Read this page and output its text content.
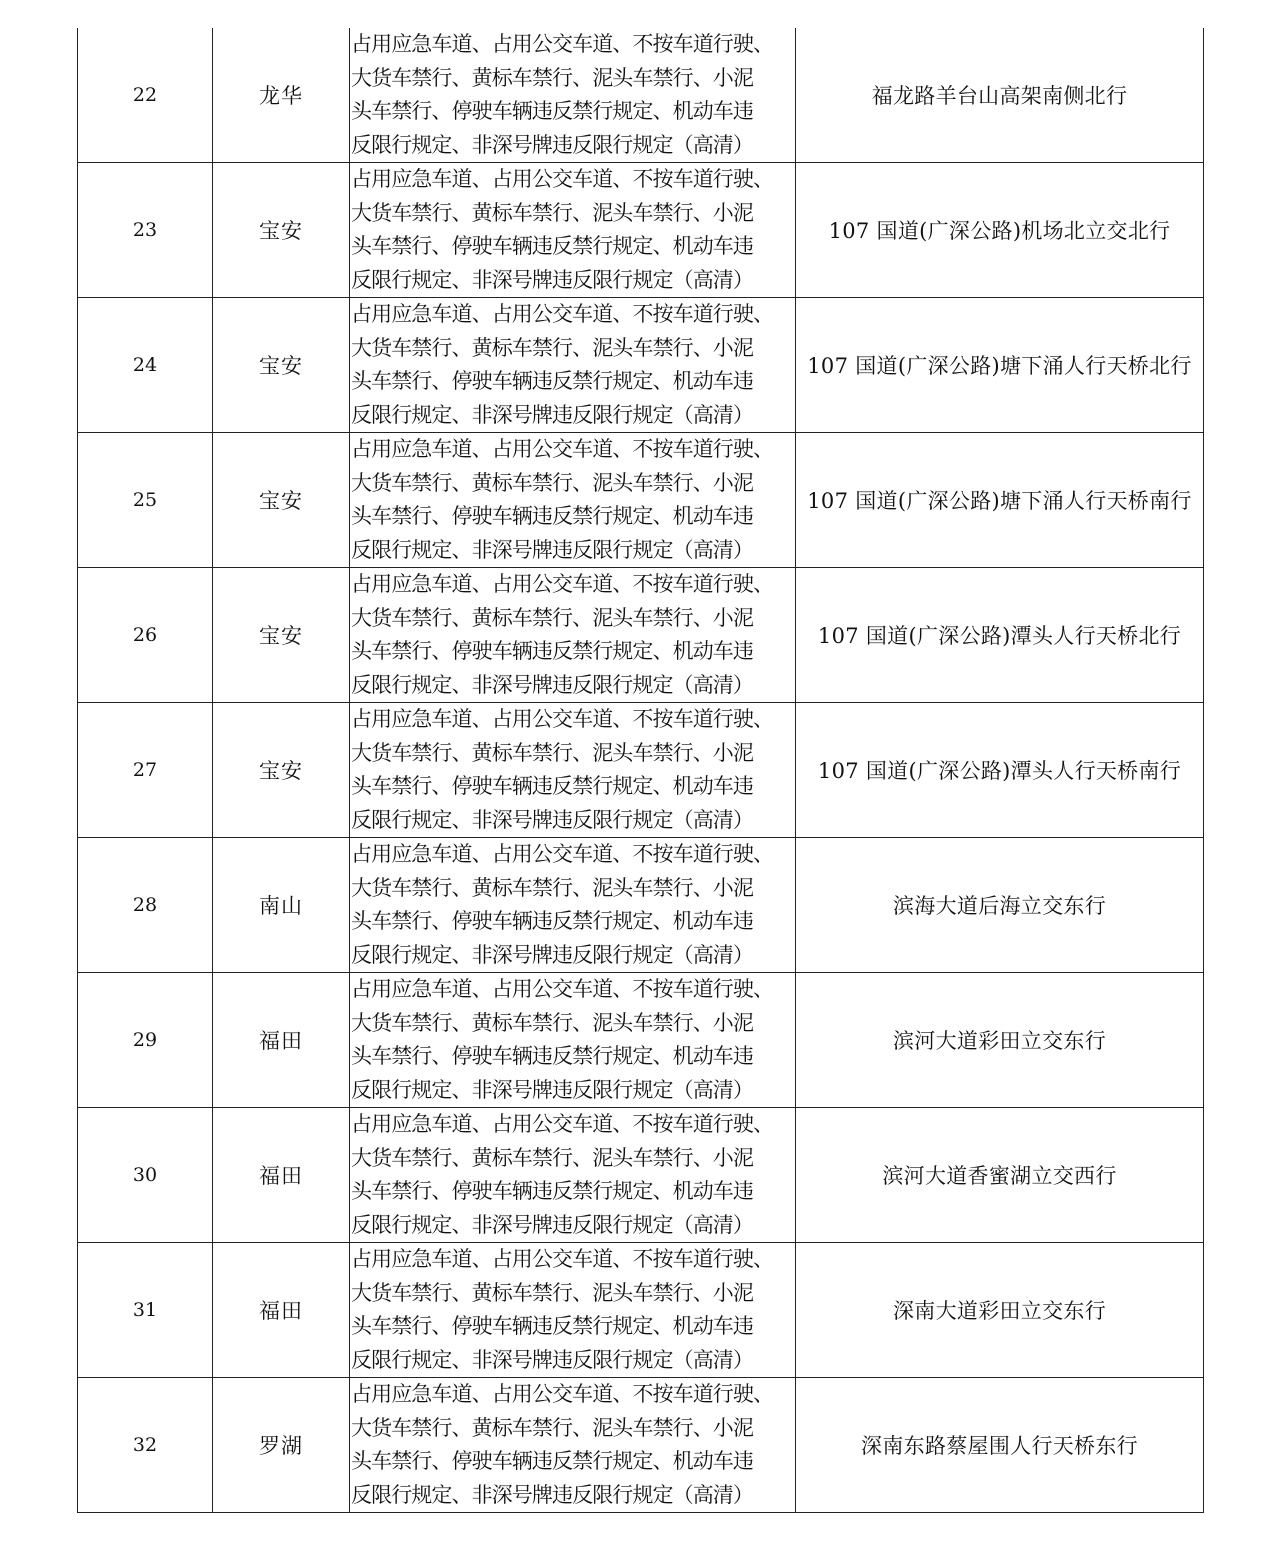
22	龙华	占用应急车道、占用公交车道、不按车道行驶、
大货车禁行、黄标车禁行、泥头车禁行、小泥
头车禁行、停驶车辆违反禁行规定、机动车违
反限行规定、非深号牌违反限行规定（高清）	福龙路羊台山高架南侧北行
23	宝安	占用应急车道、占用公交车道、不按车道行驶、
大货车禁行、黄标车禁行、泥头车禁行、小泥
头车禁行、停驶车辆违反禁行规定、机动车违
反限行规定、非深号牌违反限行规定（高清）	107 国道(广深公路)机场北立交北行
24	宝安	占用应急车道、占用公交车道、不按车道行驶、
大货车禁行、黄标车禁行、泥头车禁行、小泥
头车禁行、停驶车辆违反禁行规定、机动车违
反限行规定、非深号牌违反限行规定（高清）	107 国道(广深公路)塘下涌人行天桥北行
25	宝安	占用应急车道、占用公交车道、不按车道行驶、
大货车禁行、黄标车禁行、泥头车禁行、小泥
头车禁行、停驶车辆违反禁行规定、机动车违
反限行规定、非深号牌违反限行规定（高清）	107 国道(广深公路)塘下涌人行天桥南行
26	宝安	占用应急车道、占用公交车道、不按车道行驶、
大货车禁行、黄标车禁行、泥头车禁行、小泥
头车禁行、停驶车辆违反禁行规定、机动车违
反限行规定、非深号牌违反限行规定（高清）	107 国道(广深公路)潭头人行天桥北行
27	宝安	占用应急车道、占用公交车道、不按车道行驶、
大货车禁行、黄标车禁行、泥头车禁行、小泥
头车禁行、停驶车辆违反禁行规定、机动车违
反限行规定、非深号牌违反限行规定（高清）	107 国道(广深公路)潭头人行天桥南行
28	南山	占用应急车道、占用公交车道、不按车道行驶、
大货车禁行、黄标车禁行、泥头车禁行、小泥
头车禁行、停驶车辆违反禁行规定、机动车违
反限行规定、非深号牌违反限行规定（高清）	滨海大道后海立交东行
29	福田	占用应急车道、占用公交车道、不按车道行驶、
大货车禁行、黄标车禁行、泥头车禁行、小泥
头车禁行、停驶车辆违反禁行规定、机动车违
反限行规定、非深号牌违反限行规定（高清）	滨河大道彩田立交东行
30	福田	占用应急车道、占用公交车道、不按车道行驶、
大货车禁行、黄标车禁行、泥头车禁行、小泥
头车禁行、停驶车辆违反禁行规定、机动车违
反限行规定、非深号牌违反限行规定（高清）	滨河大道香蜜湖立交西行
31	福田	占用应急车道、占用公交车道、不按车道行驶、
大货车禁行、黄标车禁行、泥头车禁行、小泥
头车禁行、停驶车辆违反禁行规定、机动车违
反限行规定、非深号牌违反限行规定（高清）	深南大道彩田立交东行
32	罗湖	占用应急车道、占用公交车道、不按车道行驶、
大货车禁行、黄标车禁行、泥头车禁行、小泥
头车禁行、停驶车辆违反禁行规定、机动车违
反限行规定、非深号牌违反限行规定（高清）	深南东路蔡屋围人行天桥东行
